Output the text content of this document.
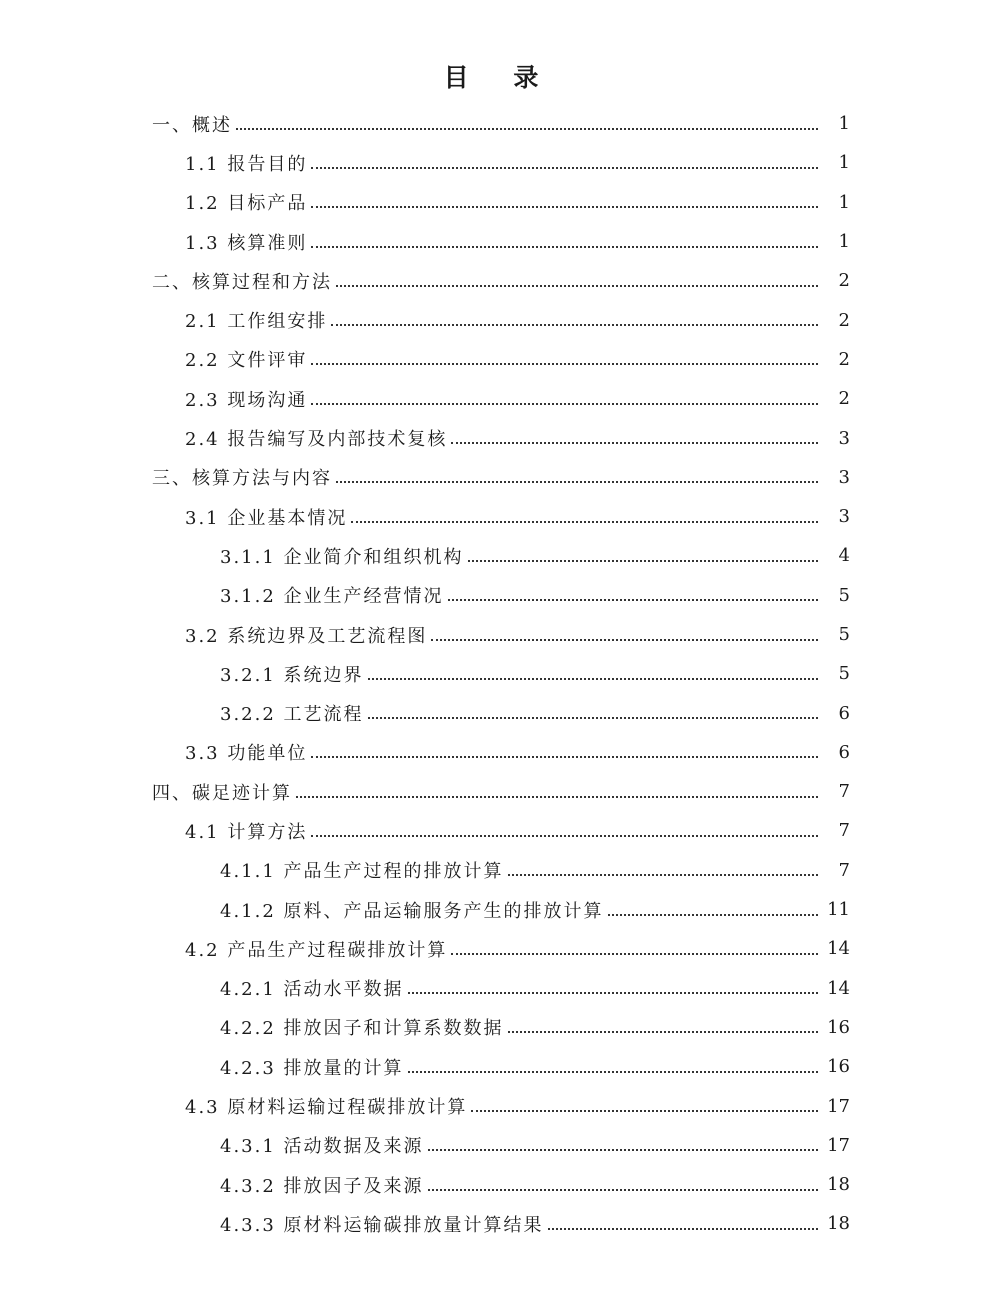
目 录
一、概述	1
1.1 报告目的	1
1.2 目标产品	1
1.3 核算准则	1
二、核算过程和方法	2
2.1 工作组安排	2
2.2 文件评审	2
2.3 现场沟通	2
2.4 报告编写及内部技术复核	3
三、核算方法与内容	3
3.1 企业基本情况	3
3.1.1 企业简介和组织机构	4
3.1.2 企业生产经营情况	5
3.2 系统边界及工艺流程图	5
3.2.1 系统边界	5
3.2.2 工艺流程	6
3.3 功能单位	6
四、碳足迹计算	7
4.1 计算方法	7
4.1.1 产品生产过程的排放计算	7
4.1.2 原料、产品运输服务产生的排放计算	11
4.2 产品生产过程碳排放计算	14
4.2.1 活动水平数据	14
4.2.2 排放因子和计算系数数据	16
4.2.3 排放量的计算	16
4.3 原材料运输过程碳排放计算	17
4.3.1 活动数据及来源	17
4.3.2 排放因子及来源	18
4.3.3 原材料运输碳排放量计算结果	18
